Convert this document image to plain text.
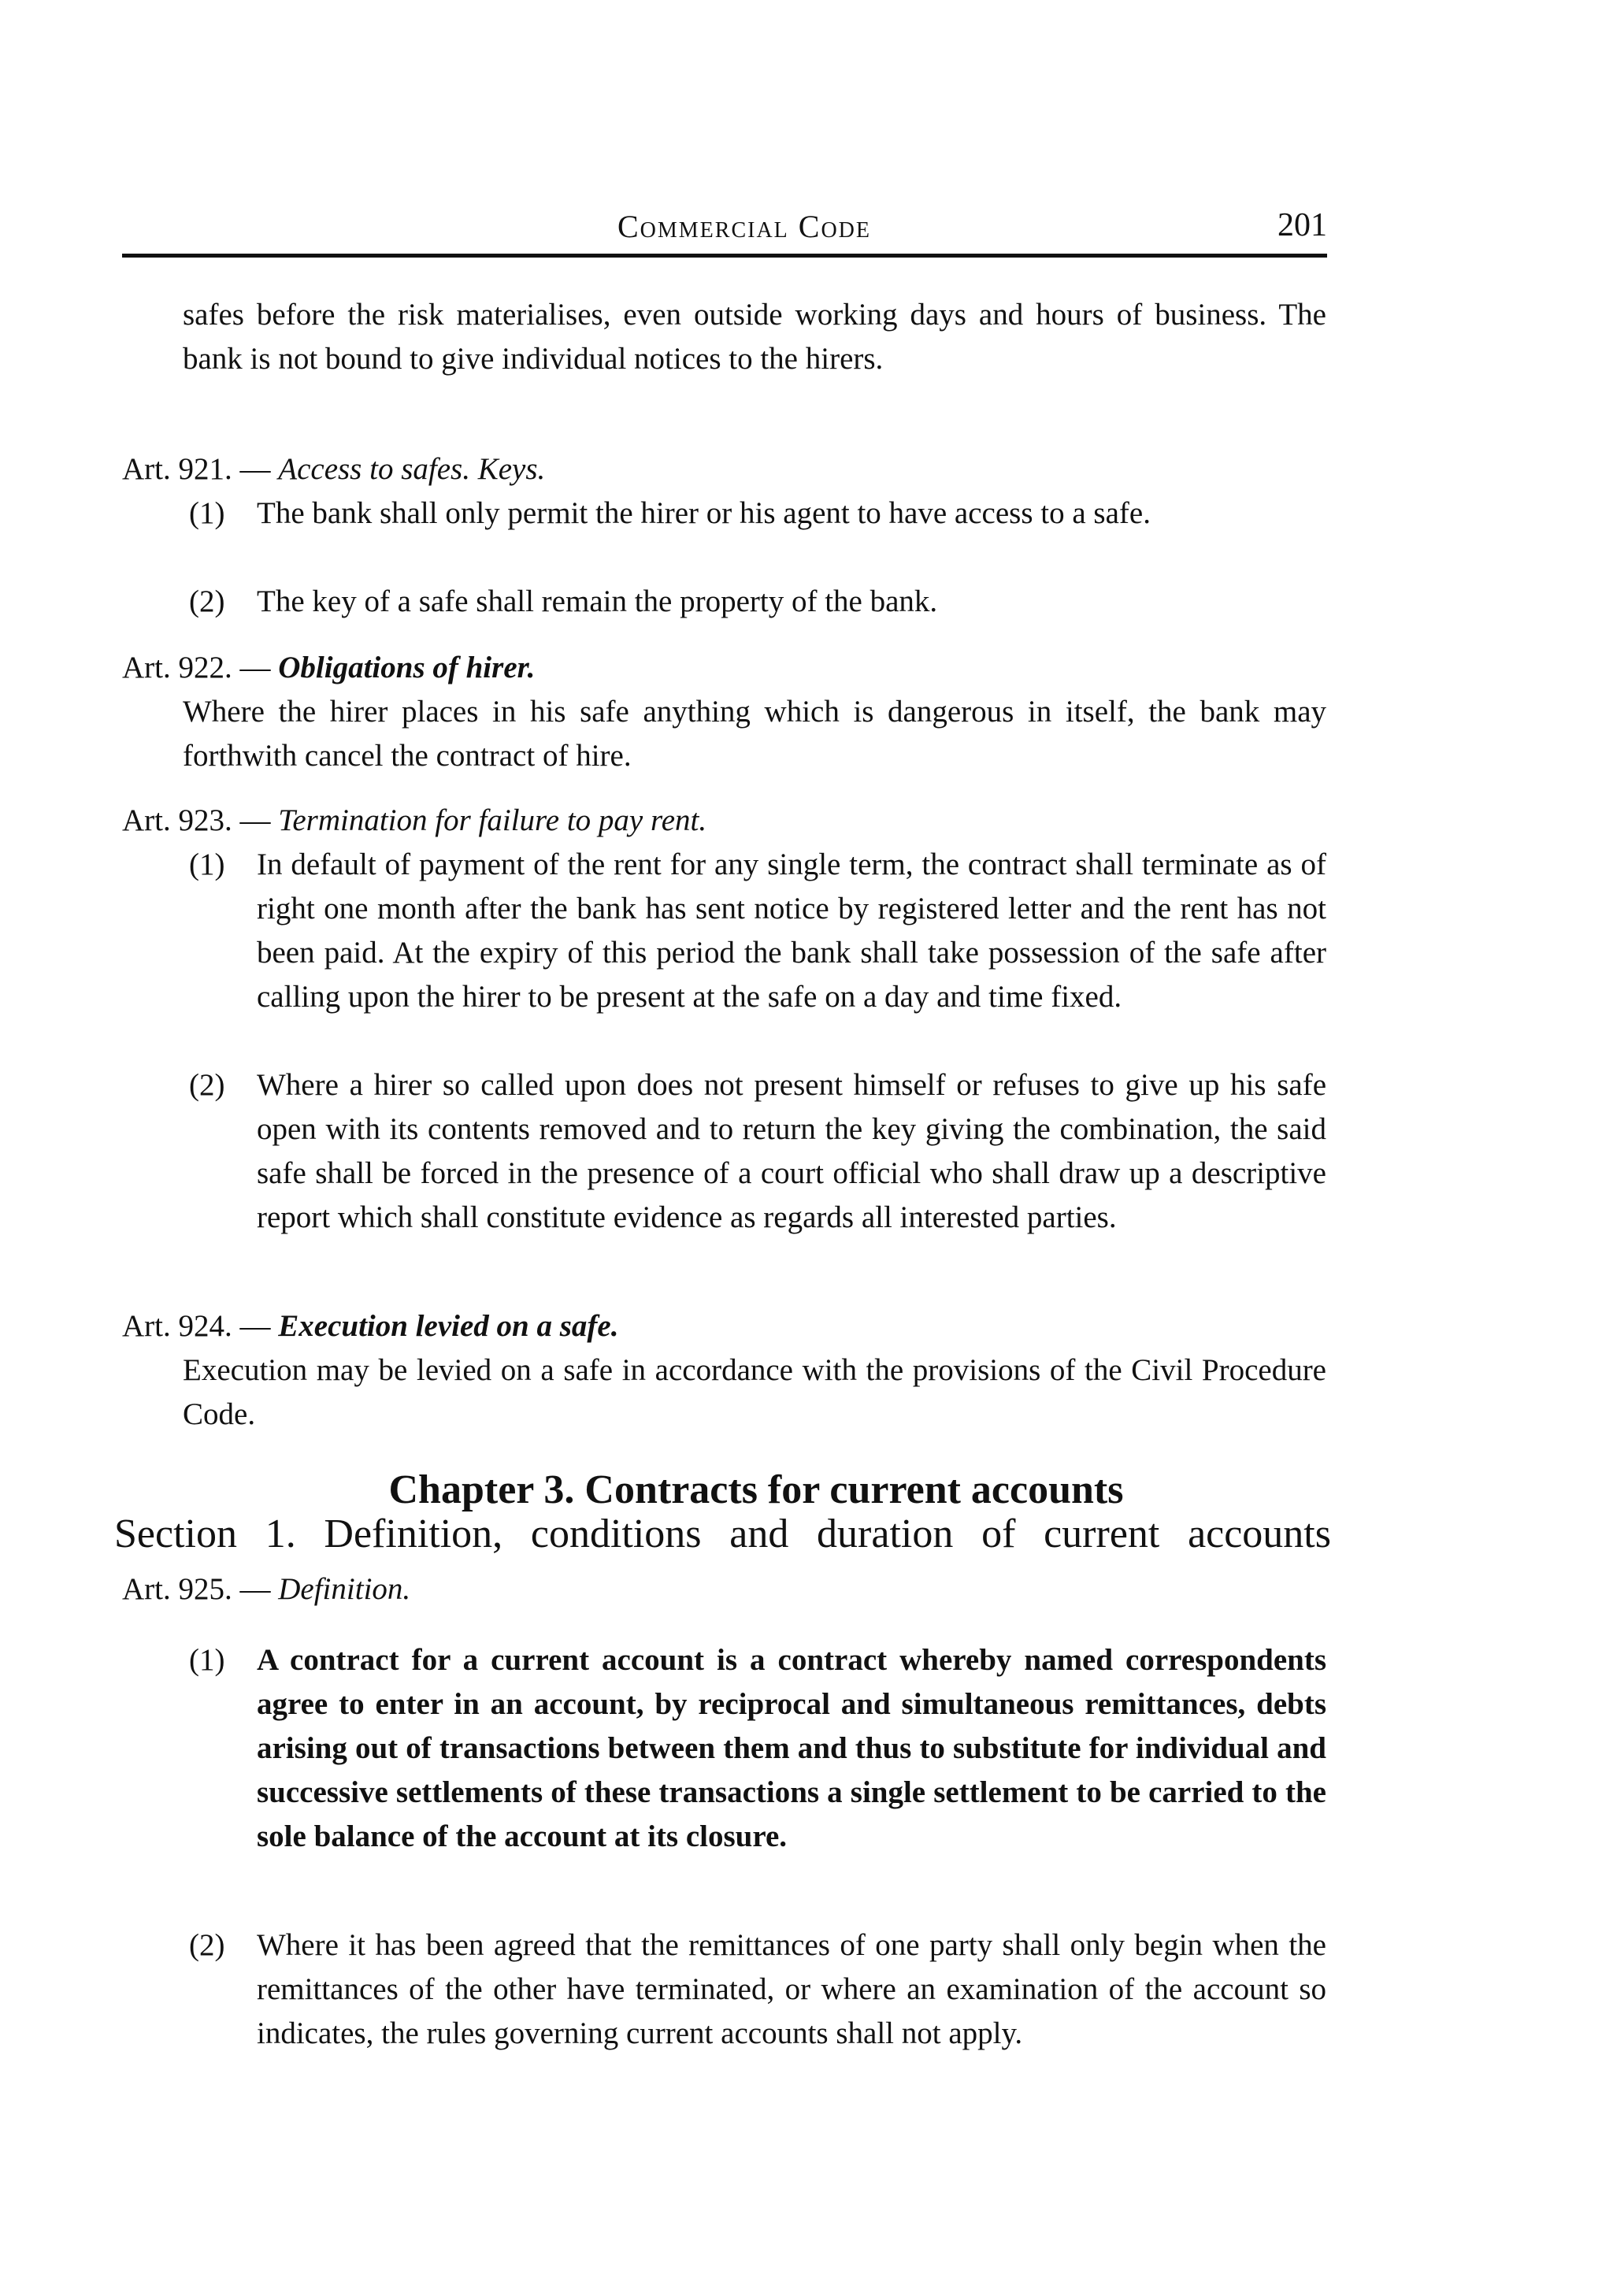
Commercial Code	201
safes before the risk materialises, even outside working days and hours of business. The bank is not bound to give individual notices to the hirers.
Art. 921. — Access to safes. Keys.
(1)	The bank shall only permit the hirer or his agent to have access to a safe.
(2)	The key of a safe shall remain the property of the bank.
Art. 922. — Obligations of hirer.
Where the hirer places in his safe anything which is dangerous in itself, the bank may forthwith cancel the contract of hire.
Art. 923. — Termination for failure to pay rent.
(1)	In default of payment of the rent for any single term, the contract shall terminate as of right one month after the bank has sent notice by registered letter and the rent has not been paid. At the expiry of this period the bank shall take possession of the safe after calling upon the hirer to be present at the safe on a day and time fixed.
(2)	Where a hirer so called upon does not present himself or refuses to give up his safe open with its contents removed and to return the key giving the combination, the said safe shall be forced in the presence of a court official who shall draw up a descriptive report which shall constitute evidence as regards all interested parties.
Art. 924. — Execution levied on a safe.
Execution may be levied on a safe in accordance with the provisions of the Civil Procedure Code.
Chapter 3. Contracts for current accounts
Section 1. Definition, conditions and duration of current accounts
Art. 925. — Definition.
(1)	A contract for a current account is a contract whereby named correspondents agree to enter in an account, by reciprocal and simultaneous remittances, debts arising out of transactions between them and thus to substitute for individual and successive settlements of these transactions a single settlement to be carried to the sole balance of the account at its closure.
(2)	Where it has been agreed that the remittances of one party shall only begin when the remittances of the other have terminated, or where an examination of the account so indicates, the rules governing current accounts shall not apply.
